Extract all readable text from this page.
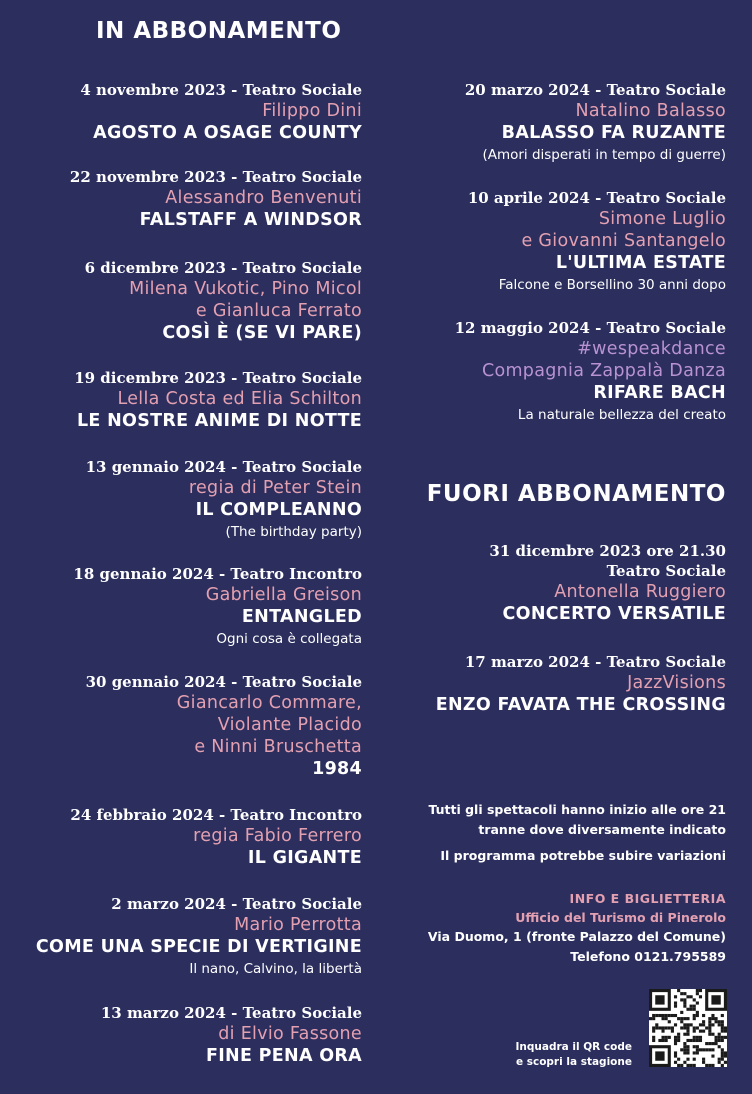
IN ABBONAMENTO
4 novembre 2023 - Teatro Sociale
Filippo Dini
AGOSTO A OSAGE COUNTY
22 novembre 2023 - Teatro Sociale
Alessandro Benvenuti
FALSTAFF A WINDSOR
6 dicembre 2023 - Teatro Sociale
Milena Vukotic, Pino Micol
e Gianluca Ferrato
COSÌ È (SE VI PARE)
19 dicembre 2023 - Teatro Sociale
Lella Costa ed Elia Schilton
LE NOSTRE ANIME DI NOTTE
13 gennaio 2024 - Teatro Sociale
regia di Peter Stein
IL COMPLEANNO
(The birthday party)
18 gennaio 2024 - Teatro Incontro
Gabriella Greison
ENTANGLED
Ogni cosa è collegata
30 gennaio 2024 - Teatro Sociale
Giancarlo Commare,
Violante Placido
e Ninni Bruschetta
1984
24 febbraio 2024 - Teatro Incontro
regia Fabio Ferrero
IL GIGANTE
2 marzo 2024 - Teatro Sociale
Mario Perrotta
COME UNA SPECIE DI VERTIGINE
Il nano, Calvino, la libertà
13 marzo 2024 - Teatro Sociale
di Elvio Fassone
FINE PENA ORA
20 marzo 2024 - Teatro Sociale
Natalino Balasso
BALASSO FA RUZANTE
(Amori disperati in tempo di guerre)
10 aprile 2024 - Teatro Sociale
Simone Luglio
e Giovanni Santangelo
L'ULTIMA ESTATE
Falcone e Borsellino 30 anni dopo
12 maggio 2024 - Teatro Sociale
#wespeakdance
Compagnia Zappalà Danza
RIFARE BACH
La naturale bellezza del creato
31 dicembre 2023 ore 21.30
Teatro Sociale
Antonella Ruggiero
CONCERTO VERSATILE
17 marzo 2024 - Teatro Sociale
JazzVisions
ENZO FAVATA THE CROSSING
Tutti gli spettacoli hanno inizio alle ore 21
tranne dove diversamente indicato
Il programma potrebbe subire variazioni
INFO E BIGLIETTERIA
Ufficio del Turismo di Pinerolo
Via Duomo, 1 (fronte Palazzo del Comune)
Telefono 0121.795589
FUORI ABBONAMENTO
Inquadra il QR code
e scopri la stagione
